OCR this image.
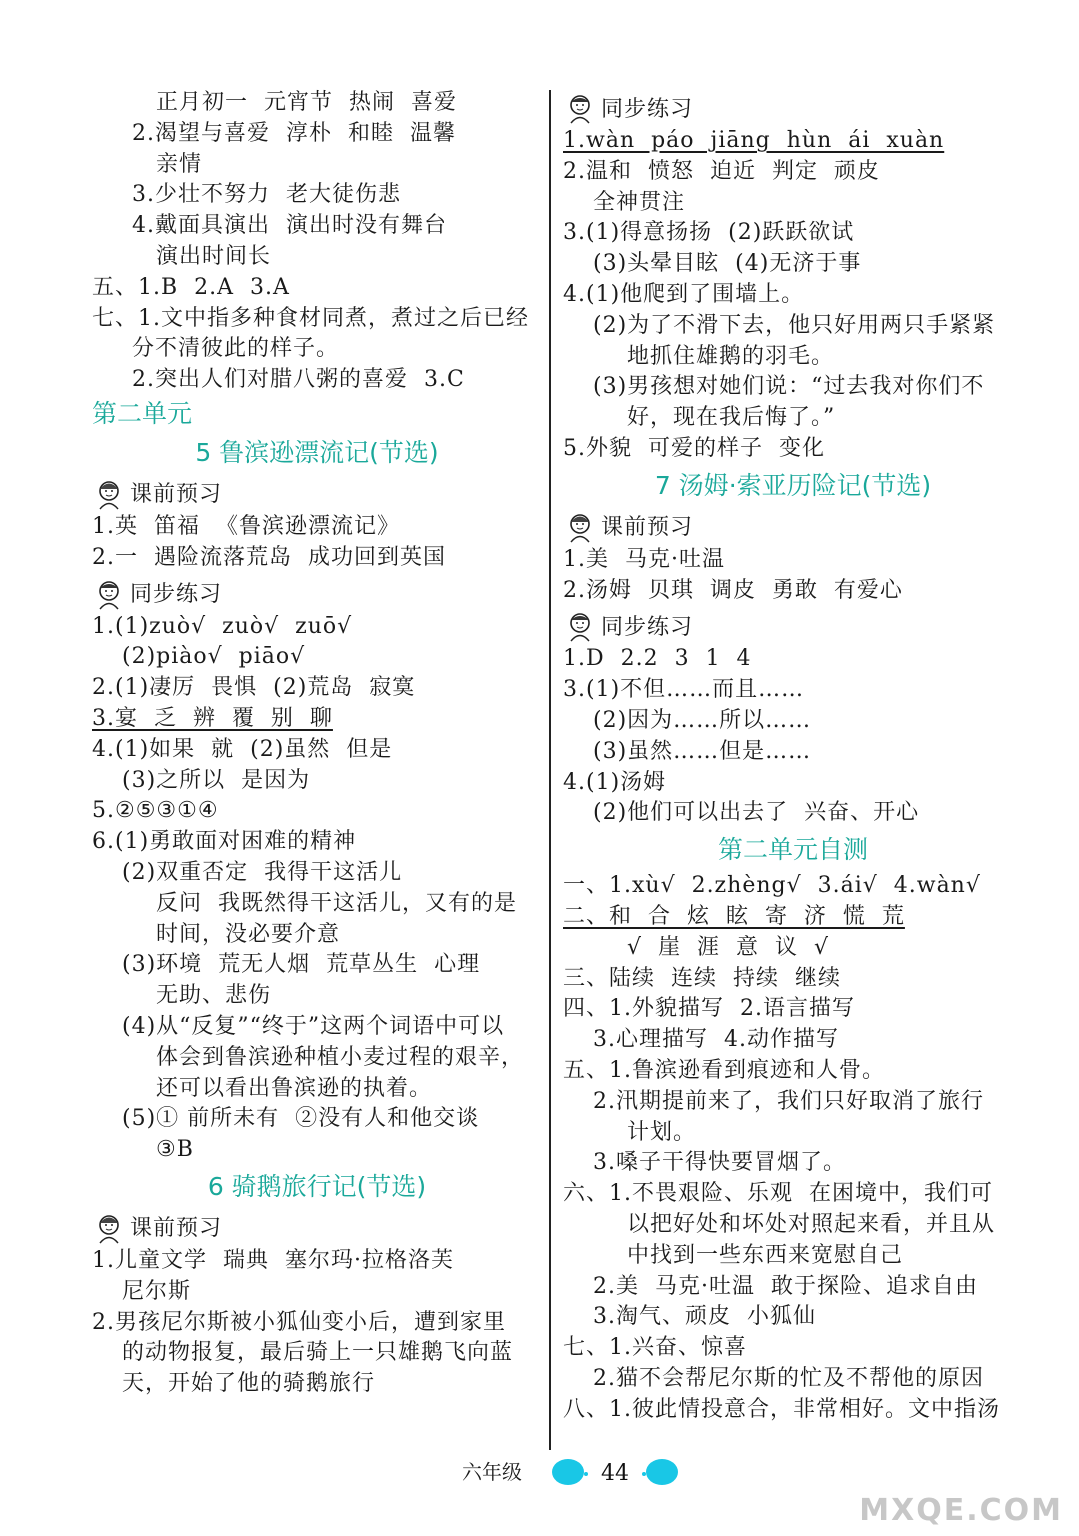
正月初一  元宵节  热闹  喜爱
2.渴望与喜爱  淳朴  和睦  温馨
亲情
3.少壮不努力  老大徒伤悲
4.戴面具演出  演出时没有舞台
演出时间长
五、1.B  2.A  3.A
七、1.文中指多种食材同煮，煮过之后已经
分不清彼此的样子。
2.突出人们对腊八粥的喜爱  3.C
第二单元
5 鲁滨逊漂流记(节选)
课前预习
1.英  笛福  《鲁滨逊漂流记》
2.一  遇险流落荒岛  成功回到英国
同步练习
1.(1)zuò√  zuò√  zuō√
(2)piào√  piāo√
2.(1)凄厉  畏惧  (2)荒岛  寂寞
3.宴  乏  辨  覆  别  聊
4.(1)如果  就  (2)虽然  但是
(3)之所以  是因为
5.②⑤③①④
6.(1)勇敢面对困难的精神
(2)双重否定  我得干这活儿
反问  我既然得干这活儿，又有的是
时间，没必要介意
(3)环境  荒无人烟  荒草丛生  心理
无助、悲伤
(4)从“反复”“终于”这两个词语中可以
体会到鲁滨逊种植小麦过程的艰辛，
还可以看出鲁滨逊的执着。
(5)① 前所未有  ②没有人和他交谈
③B
6 骑鹅旅行记(节选)
课前预习
1.儿童文学  瑞典  塞尔玛·拉格洛芙
尼尔斯
2.男孩尼尔斯被小狐仙变小后，遭到家里
的动物报复，最后骑上一只雄鹅飞向蓝
天，开始了他的骑鹅旅行
同步练习
1.wàn  páo  jiāng  hùn  ái  xuàn
2.温和  愤怒  迫近  判定  顽皮
全神贯注
3.(1)得意扬扬  (2)跃跃欲试
(3)头晕目眩  (4)无济于事
4.(1)他爬到了围墙上。
(2)为了不滑下去，他只好用两只手紧紧
地抓住雄鹅的羽毛。
(3)男孩想对她们说：“过去我对你们不
好，现在我后悔了。”
5.外貌  可爱的样子  变化
7 汤姆·索亚历险记(节选)
课前预习
1.美  马克·吐温
2.汤姆  贝琪  调皮  勇敢  有爱心
同步练习
1.D  2.2  3  1  4
3.(1)不但……而且……
(2)因为……所以……
(3)虽然……但是……
4.(1)汤姆
(2)他们可以出去了  兴奋、开心
第二单元自测
一、1.xù√  2.zhèng√  3.ái√  4.wàn√
二、和  合  炫  眩  寄  济  慌  荒
√  崖  涯  意  议  √
三、陆续  连续  持续  继续
四、1.外貌描写  2.语言描写
3.心理描写  4.动作描写
五、1.鲁滨逊看到痕迹和人骨。
2.汛期提前来了，我们只好取消了旅行
计划。
3.嗓子干得快要冒烟了。
六、1.不畏艰险、乐观  在困境中，我们可
以把好处和坏处对照起来看，并且从
中找到一些东西来宽慰自己
2.美  马克·吐温  敢于探险、追求自由
3.淘气、顽皮  小狐仙
七、1.兴奋、惊喜
2.猫不会帮尼尔斯的忙及不帮他的原因
八、1.彼此情投意合，非常相好。文中指汤
六年级	44
MXQE.COM
